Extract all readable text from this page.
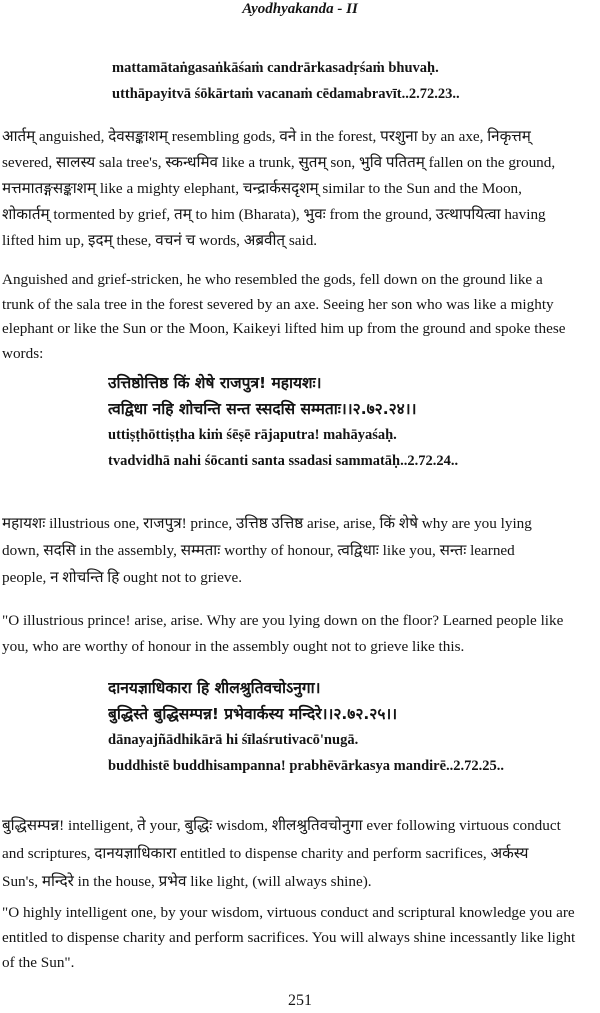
Ayodhyakanda - II
mattamātaṅgasaṅkāśaṁ candrārkasadṛśaṁ bhuvaḥ.
utthāpayitvā śōkārtaṁ vacanaṁ cēdamabravīt..2.72.23..
आर्तम् anguished, देवसङ्काशम् resembling gods, वने in the forest, परशुना by an axe, निकृत्तम्
severed, सालस्य sala tree's, स्कन्धमिव like a trunk, सुतम् son, भुवि पतितम् fallen on the ground,
मत्तमातङ्गसङ्काशम् like a mighty elephant, चन्द्रार्कसदृशम् similar to the Sun and the Moon,
शोकार्तम् tormented by grief, तम् to him (Bharata), भुवः from the ground, उत्थापयित्वा having
lifted him up, इदम् these, वचनं च words, अब्रवीत् said.
Anguished and grief-stricken, he who resembled the gods, fell down on the ground like a
trunk of the sala tree in the forest severed by an axe. Seeing her son who was like a mighty
elephant or like the Sun or the Moon, Kaikeyi lifted him up from the ground and spoke these
words:
उत्तिष्ठोत्तिष्ठ किं शेषे राजपुत्र! महायशः।
त्वद्विधा नहि शोचन्ति सन्त स्सदसि सम्मताः।।२.७२.२४।।
uttiṣṭhōttiṣṭha kiṁ śēṣē rājaputra! mahāyaśaḥ.
tvadvidhā nahi śōcanti santa ssadasi sammatāḥ..2.72.24..
महायशः illustrious one, राजपुत्र! prince, उत्तिष्ठ उत्तिष्ठ arise, arise, किं शेषे why are you lying
down, सदसि in the assembly, सम्मताः worthy of honour, त्वद्विधाः like you, सन्तः learned
people, न शोचन्ति हि ought not to grieve.
"O illustrious prince! arise, arise. Why are you lying down on the floor? Learned people like
you, who are worthy of honour in the assembly ought not to grieve like this.
दानयज्ञाधिकारा हि शीलश्रुतिवचोऽनुगा।
बुद्धिस्ते बुद्धिसम्पन्न! प्रभेवार्कस्य मन्दिरे।।२.७२.२५।।
dānayajñādhikārā hi śīlaśrutivacō'nugā.
buddhistē buddhisampanna! prabhēvārkasya mandirē..2.72.25..
बुद्धिसम्पन्न! intelligent, ते your, बुद्धिः wisdom, शीलश्रुतिवचोनुगा ever following virtuous conduct
and scriptures, दानयज्ञाधिकारा entitled to dispense charity and perform sacrifices, अर्कस्य
Sun's, मन्दिरे in the house, प्रभेव like light, (will always shine).
"O highly intelligent one, by your wisdom, virtuous conduct and scriptural knowledge you are
entitled to dispense charity and perform sacrifices. You will always shine incessantly like light
of the Sun".
251
